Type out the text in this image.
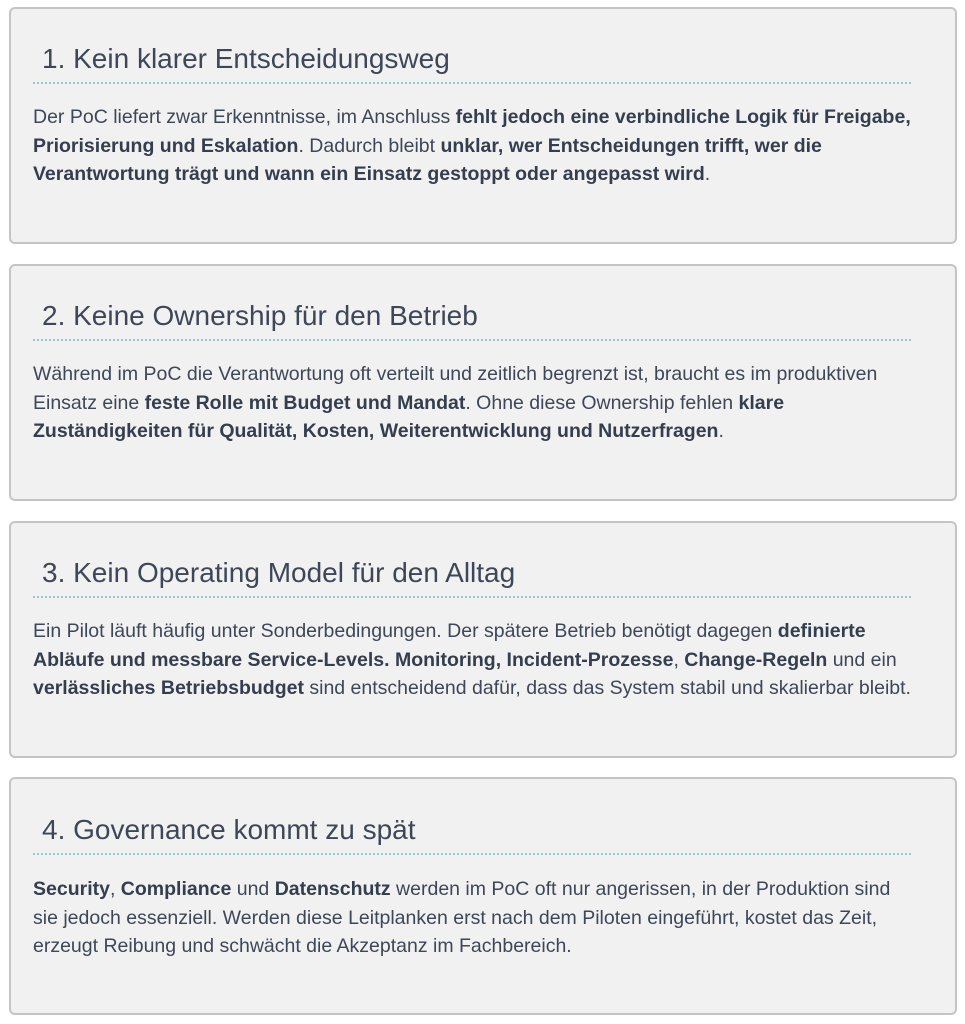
1. Kein klarer Entscheidungsweg

Der PoC liefert zwar Erkenntnisse, im Anschluss fehlt jedoch eine verbindliche Logik für Freigabe, Priorisierung und Eskalation. Dadurch bleibt unklar, wer Entscheidungen trifft, wer die Verantwortung trägt und wann ein Einsatz gestoppt oder angepasst wird.

2. Keine Ownership für den Betrieb

Während im PoC die Verantwortung oft verteilt und zeitlich begrenzt ist, braucht es im produktiven Einsatz eine feste Rolle mit Budget und Mandat. Ohne diese Ownership fehlen klare Zuständigkeiten für Qualität, Kosten, Weiterentwicklung und Nutzerfragen.

3. Kein Operating Model für den Alltag

Ein Pilot läuft häufig unter Sonderbedingungen. Der spätere Betrieb benötigt dagegen definierte Abläufe und messbare Service-Levels. Monitoring, Incident-Prozesse, Change-Regeln und ein verlässliches Betriebsbudget sind entscheidend dafür, dass das System stabil und skalierbar bleibt.

4. Governance kommt zu spät

Security, Compliance und Datenschutz werden im PoC oft nur angerissen, in der Produktion sind sie jedoch essenziell. Werden diese Leitplanken erst nach dem Piloten eingeführt, kostet das Zeit, erzeugt Reibung und schwächt die Akzeptanz im Fachbereich.
